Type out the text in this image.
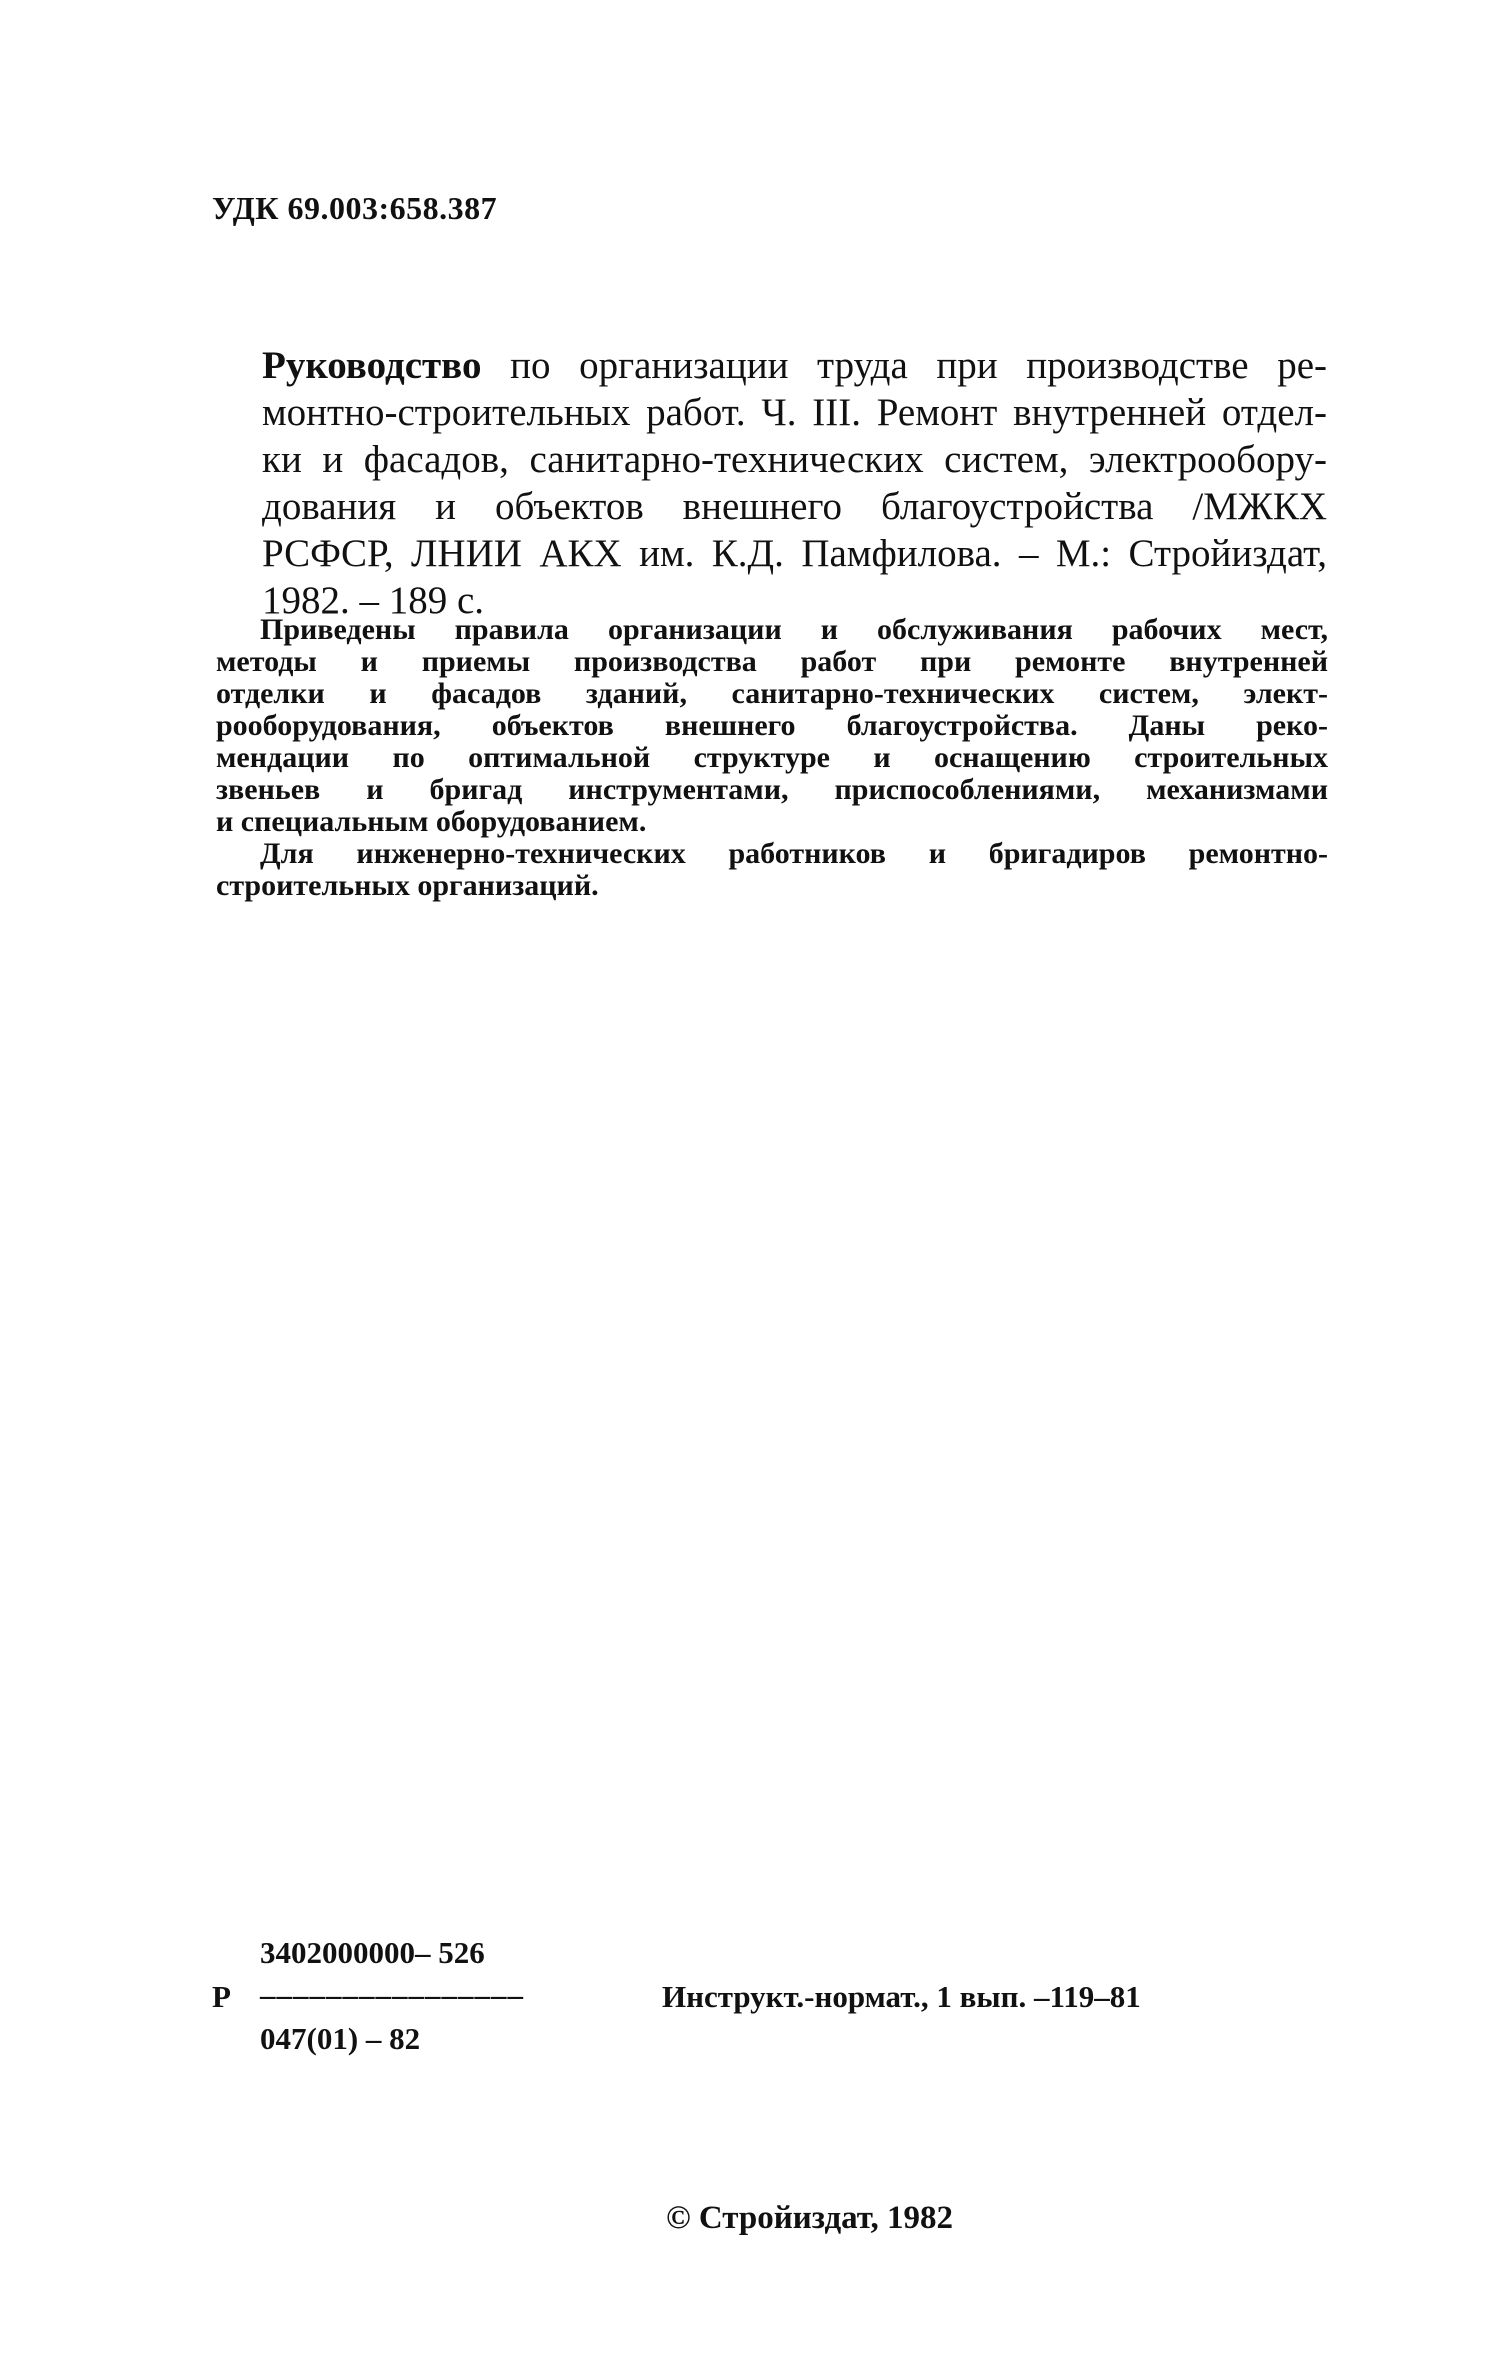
УДК 69.003:658.387
Руководство по организации труда при производстве ре-
монтно-строительных работ. Ч. III. Ремонт внутренней отдел-
ки и фасадов, санитарно-технических систем, электрообору-
дования и объектов внешнего благоустройства /МЖКХ
РСФСР, ЛНИИ АКХ им. К.Д. Памфилова. – М.: Стройиздат,
1982. – 189 с.

Приведены правила организации и обслуживания рабочих мест,
методы и приемы производства работ при ремонте внутренней
отделки и фасадов зданий, санитарно-технических систем, элект-
рооборудования, объектов внешнего благоустройства. Даны реко-
мендации по оптимальной структуре и оснащению строительных
звеньев и бригад инструментами, приспособлениями, механизмами
и специальным оборудованием.

Для инженерно-технических работников и бригадиров ремонтно-
строительных организаций.

Р
3402000000– 526
––––––––––––––––
047(01) – 82
Инструкт.-нормат., 1 вып. –119–81
© Стройиздат, 1982
